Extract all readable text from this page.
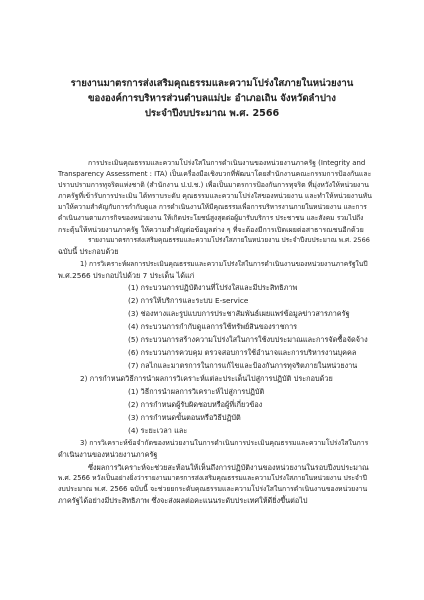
รายงานมาตรการส่งเสริมคุณธรรมและความโปร่งใสภายในหน่วยงาน
ขององค์การบริหารส่วนตำบลแม่ปะ อำเภอเถิน จังหวัดลำปาง
ประจำปีงบประมาณ พ.ศ. 2566
การประเมินคุณธรรมและความโปร่งใสในการดำเนินงานของหน่วยงานภาครัฐ (Integrity and
Transparency Assessment : ITA) เป็นเครื่องมือเชิงบวกที่พัฒนาโดยสำนักงานคณะกรรมการป้องกันและ
ปราบปรามการทุจริตแห่งชาติ (สำนักงาน ป.ป.ช.) เพื่อเป็นมาตรการป้องกันการทุจริต ที่มุ่งหวังให้หน่วยงาน
ภาครัฐที่เข้ารับการประเมิน ได้ทราบระดับ คุณธรรมและความโปร่งใสของหน่วยงาน และทำให้หน่วยงานหัน
มาให้ความสำคัญกับการกำกับดูแล การดำเนินงานให้มีคุณธรรมเพื่อการบริหารงานภายในหน่วยงาน และการ
ดำเนินงานตามภารกิจของหน่วยงาน ให้เกิดประโยชน์สูงสุดต่อผู้มารับบริการ ประชาชน และสังคม รวมไปถึง
กระตุ้นให้หน่วยงานภาครัฐ ให้ความสำคัญต่อข้อมูลต่าง ๆ ที่จะต้องมีการเปิดเผยต่อสาธารณชนอีกด้วย
รายงานมาตรการส่งเสริมคุณธรรมและความโปร่งใสภายในหน่วยงาน ประจำปีงบประมาณ พ.ศ. 2566
ฉบับนี้ ประกอบด้วย
1) การวิเคราะห์ผลการประเมินคุณธรรมและความโปร่งใสในการดำเนินงานของหน่วยงานภาครัฐในปี
พ.ศ.2566 ประกอบไปด้วย 7 ประเด็น ได้แก่
(1) กระบวนการปฏิบัติงานที่โปร่งใสและมีประสิทธิภาพ
(2) การให้บริการและระบบ E-service
(3) ช่องทางและรูปแบบการประชาสัมพันธ์เผยแพร่ข้อมูลข่าวสารภาครัฐ
(4) กระบวนการกำกับดูแลการใช้ทรัพย์สินของราชการ
(5) กระบวนการสร้างความโปร่งใสในการใช้งบประมาณและการจัดซื้อจัดจ้าง
(6) กระบวนการควบคุม ตรวจสอบการใช้อำนาจและการบริหารงานบุคคล
(7) กลไกและมาตรการในการแก้ไขและป้องกันการทุจริตภายในหน่วยงาน
2) การกำหนดวิธีการนำผลการวิเคราะห์แต่ละประเด็นไปสู่การปฏิบัติ ประกอบด้วย
(1) วิธีการนำผลการวิเคราะห์ไปสู่การปฏิบัติ
(2) การกำหนดผู้รับผิดชอบหรือผู้ที่เกี่ยวข้อง
(3) การกำหนดขั้นตอนหรือวิธีปฏิบัติ
(4) ระยะเวลา และ
3) การวิเคราะห์ข้อจำกัดของหน่วยงานในการดำเนินการประเมินคุณธรรมและความโปร่งใสในการ
ดำเนินงานของหน่วยงานภาครัฐ
ซึ่งผลการวิเคราะห์จะช่วยสะท้อนให้เห็นถึงการปฏิบัติงานของหน่วยงานในรอบปีงบประมาณ
พ.ศ. 2566 หวังเป็นอย่างยิ่งว่ารายงานมาตรการส่งเสริมคุณธรรมและความโปร่งใสภายในหน่วยงาน ประจำปี
งบประมาณ พ.ศ. 2566 ฉบับนี้ จะช่วยยกระดับคุณธรรมและความโปร่งใสในการดำเนินงานของหน่วยงาน
ภาครัฐได้อย่างมีประสิทธิภาพ ซึ่งจะส่งผลต่อคะแนนระดับประเทศให้ดียิ่งขึ้นต่อไป
